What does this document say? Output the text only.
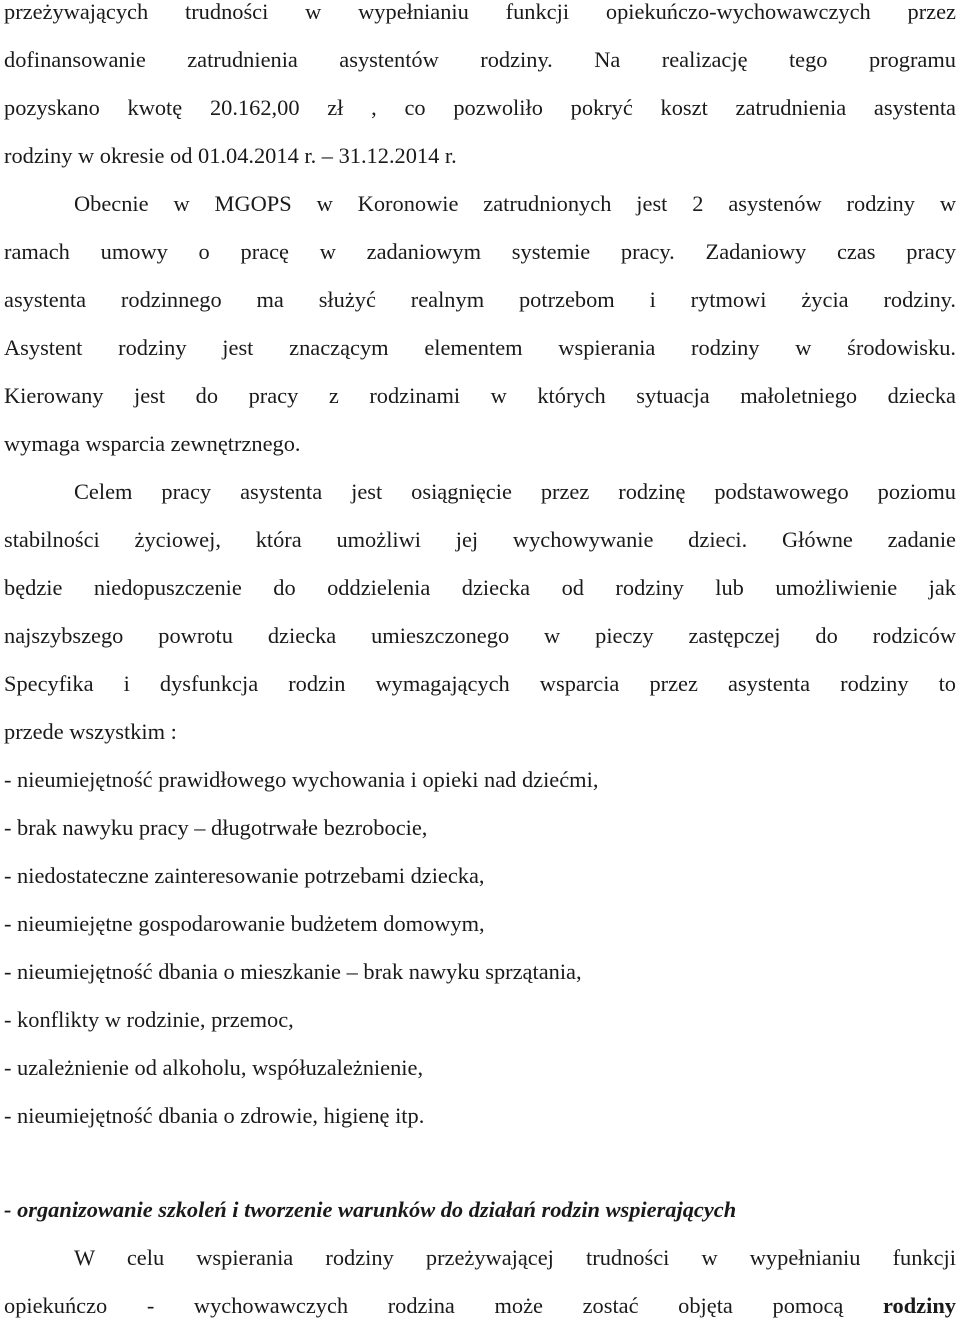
przeżywających trudności w wypełnianiu funkcji opiekuńczo-wychowawczych przez
dofinansowanie zatrudnienia asystentów rodziny. Na realizację tego programu
pozyskano kwotę 20.162,00 zł , co pozwoliło pokryć koszt zatrudnienia asystenta
rodziny w okresie od 01.04.2014 r. – 31.12.2014 r.
Obecnie w MGOPS w Koronowie zatrudnionych jest 2 asystenów rodziny w
ramach umowy o pracę w zadaniowym systemie pracy. Zadaniowy czas pracy
asystenta rodzinnego ma służyć realnym potrzebom i rytmowi życia rodziny.
Asystent rodziny jest znaczącym elementem wspierania rodziny w środowisku.
Kierowany jest do pracy z rodzinami w których sytuacja małoletniego dziecka
wymaga wsparcia zewnętrznego.
Celem pracy asystenta jest osiągnięcie przez rodzinę podstawowego poziomu
stabilności życiowej, która umożliwi jej wychowywanie dzieci. Główne zadanie
będzie niedopuszczenie do oddzielenia dziecka od rodziny lub umożliwienie jak
najszybszego powrotu dziecka umieszczonego w pieczy zastępczej do rodziców
Specyfika i dysfunkcja rodzin wymagających wsparcia przez asystenta rodziny to
przede wszystkim :
- nieumiejętność prawidłowego wychowania i opieki nad dziećmi,
- brak nawyku pracy – długotrwałe bezrobocie,
- niedostateczne zainteresowanie potrzebami dziecka,
- nieumiejętne gospodarowanie budżetem domowym,
- nieumiejętność dbania o mieszkanie – brak nawyku sprzątania,
- konflikty w rodzinie, przemoc,
- uzależnienie od alkoholu, współuzależnienie,
- nieumiejętność dbania o zdrowie, higienę itp.
- organizowanie szkoleń i tworzenie warunków do działań rodzin wspierających
W celu wspierania rodziny przeżywającej trudności w wypełnianiu funkcji
opiekuńczo - wychowawczych rodzina może zostać objęta pomocą rodziny
